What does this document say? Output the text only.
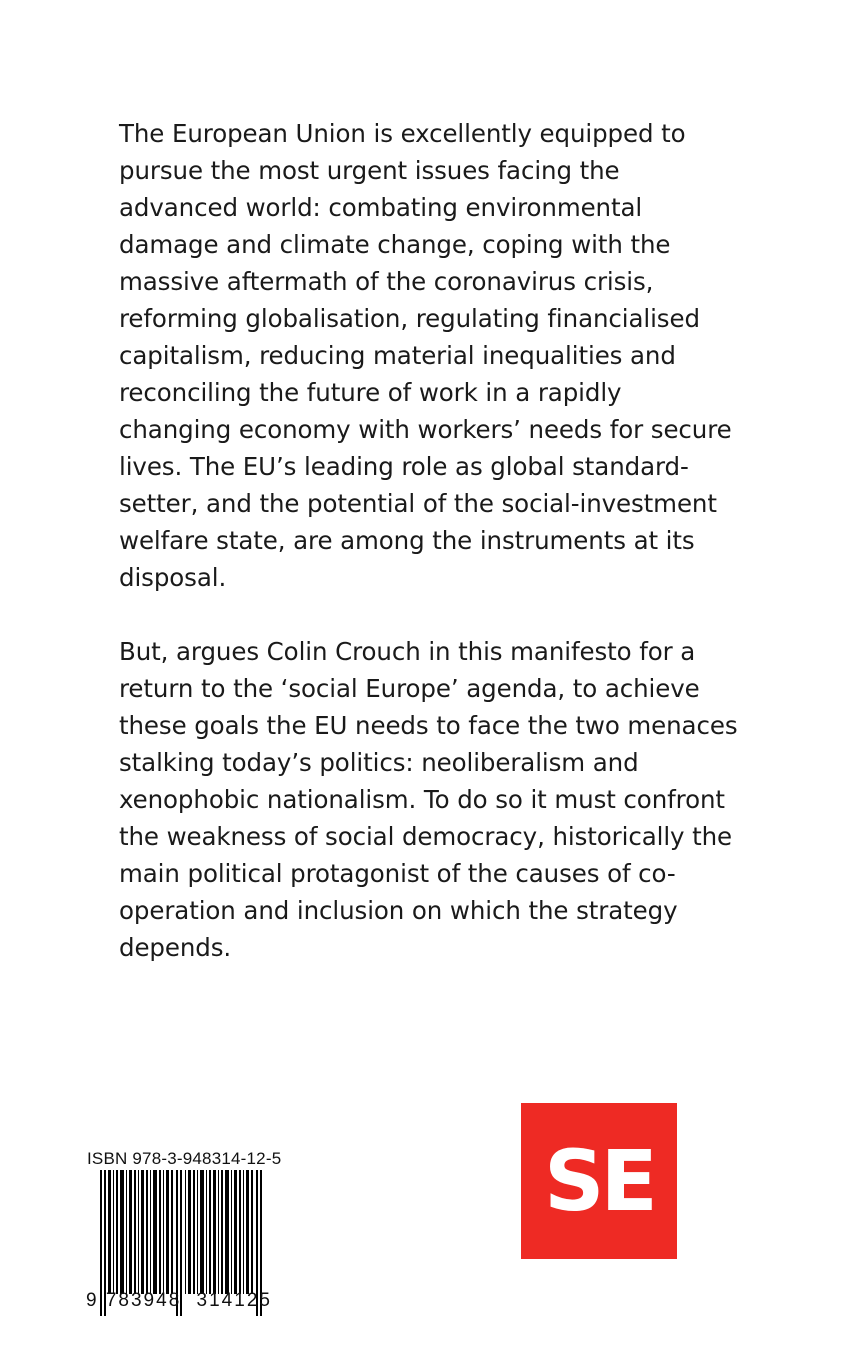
The European Union is excellently equipped to pursue the most urgent issues facing the advanced world: combating environmental damage and climate change, coping with the massive aftermath of the coronavirus crisis, reforming globalisation, regulating financialised capitalism, reducing material inequalities and reconciling the future of work in a rapidly changing economy with workers’ needs for secure lives. The EU’s leading role as global standard-setter, and the potential of the social-investment welfare state, are among the instruments at its disposal.

But, argues Colin Crouch in this manifesto for a return to the ‘social Europe’ agenda, to achieve these goals the EU needs to face the two menaces stalking today’s politics: neoliberalism and xenophobic nationalism. To do so it must confront the weakness of social democracy, historically the main political protagonist of the causes of co-operation and inclusion on which the strategy depends.

ISBN 978-3-948314-12-5
9 783948 314125
SE
